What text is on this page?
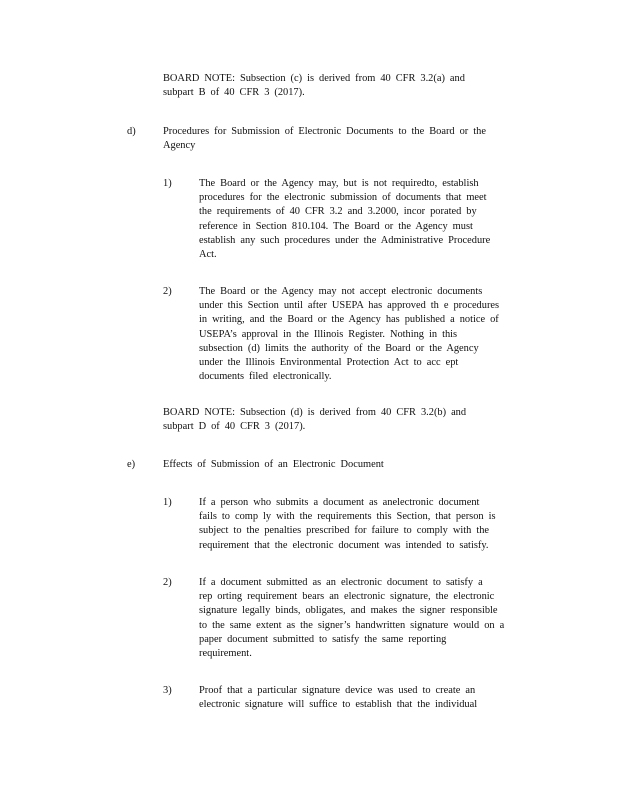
BOARD NOTE: Subsection (c) is derived from 40 CFR 3.2(a) and
subpart B of 40 CFR 3 (2017).
d)	Procedures for Submission of Electronic Documents to the Board or the
Agency
1)	The Board or the Agency may, but is not requiredto, establish
procedures for the electronic submission of documents that meet
the requirements of 40 CFR 3.2 and 3.2000, incor porated by
reference in Section 810.104. The Board or the Agency must
establish any such procedures under the Administrative Procedure
Act.
2)	The Board or the Agency may not accept electronic documents
under this Section until after USEPA has approved th e procedures
in writing, and the Board or the Agency has published a notice of
USEPA’s approval in the Illinois Register. Nothing in this
subsection (d) limits the authority of the Board or the Agency
under the Illinois Environmental Protection Act to acc ept
documents filed electronically.
BOARD NOTE: Subsection (d) is derived from 40 CFR 3.2(b) and
subpart D of 40 CFR 3 (2017).
e)	Effects of Submission of an Electronic Document
1)	If a person who submits a document as anelectronic document
fails to comp ly with the requirements this Section, that person is
subject to the penalties prescribed for failure to comply with the
requirement that the electronic document was intended to satisfy.
2)	If a document submitted as an electronic document to satisfy a
rep orting requirement bears an electronic signature, the electronic
signature legally binds, obligates, and makes the signer responsible
to the same extent as the signer’s handwritten signature would on a
paper document submitted to satisfy the same reporting
requirement.
3)	Proof that a particular signature device was used to create an
electronic signature will suffice to establish that the individual
